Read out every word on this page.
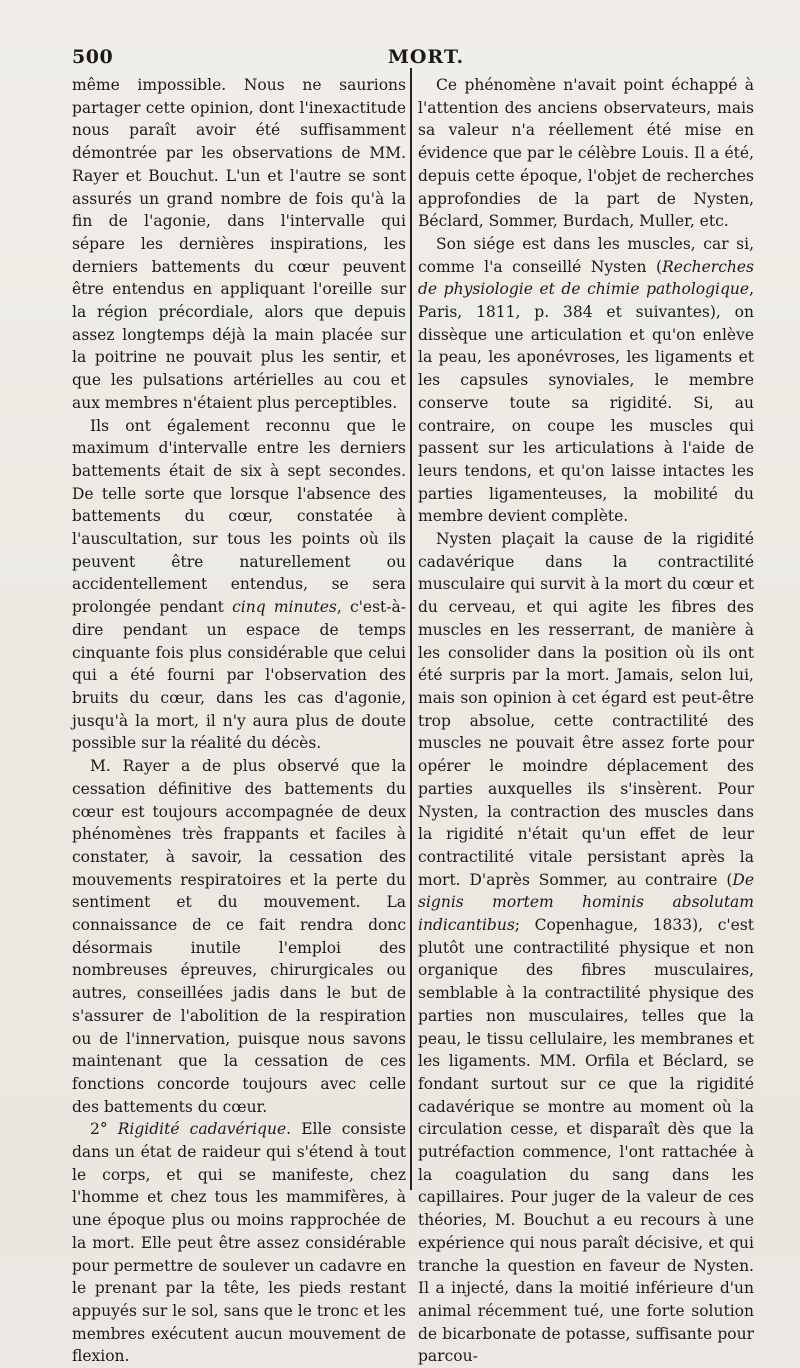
500	MORT.

même impossible. Nous ne saurions partager cette opinion, dont l'inexactitude nous paraît avoir été suffisamment démontrée par les observations de MM. Rayer et Bouchut. L'un et l'autre se sont assurés un grand nombre de fois qu'à la fin de l'agonie, dans l'intervalle qui sépare les dernières inspirations, les derniers battements du cœur peuvent être entendus en appliquant l'oreille sur la région précordiale, alors que depuis assez longtemps déjà la main placée sur la poitrine ne pouvait plus les sentir, et que les pulsations artérielles au cou et aux membres n'étaient plus perceptibles.

Ils ont également reconnu que le maximum d'intervalle entre les derniers battements était de six à sept secondes. De telle sorte que lorsque l'absence des battements du cœur, constatée à l'auscultation, sur tous les points où ils peuvent être naturellement ou accidentellement entendus, se sera prolongée pendant cinq minutes, c'est-à-dire pendant un espace de temps cinquante fois plus considérable que celui qui a été fourni par l'observation des bruits du cœur, dans les cas d'agonie, jusqu'à la mort, il n'y aura plus de doute possible sur la réalité du décès.

M. Rayer a de plus observé que la cessation définitive des battements du cœur est toujours accompagnée de deux phénomènes très frappants et faciles à constater, à savoir, la cessation des mouvements respiratoires et la perte du sentiment et du mouvement. La connaissance de ce fait rendra donc désormais inutile l'emploi des nombreuses épreuves, chirurgicales ou autres, conseillées jadis dans le but de s'assurer de l'abolition de la respiration ou de l'innervation, puisque nous savons maintenant que la cessation de ces fonctions concorde toujours avec celle des battements du cœur.

2° Rigidité cadavérique. Elle consiste dans un état de raideur qui s'étend à tout le corps, et qui se manifeste, chez l'homme et chez tous les mammifères, à une époque plus ou moins rapprochée de la mort. Elle peut être assez considérable pour permettre de soulever un cadavre en le prenant par la tête, les pieds restant appuyés sur le sol, sans que le tronc et les membres exécutent aucun mouvement de flexion.

Ce phénomène n'avait point échappé à l'attention des anciens observateurs, mais sa valeur n'a réellement été mise en évidence que par le célèbre Louis. Il a été, depuis cette époque, l'objet de recherches approfondies de la part de Nysten, Béclard, Sommer, Burdach, Muller, etc.

Son siége est dans les muscles, car si, comme l'a conseillé Nysten (Recherches de physiologie et de chimie pathologique, Paris, 1811, p. 384 et suivantes), on dissèque une articulation et qu'on enlève la peau, les aponévroses, les ligaments et les capsules synoviales, le membre conserve toute sa rigidité. Si, au contraire, on coupe les muscles qui passent sur les articulations à l'aide de leurs tendons, et qu'on laisse intactes les parties ligamenteuses, la mobilité du membre devient complète.

Nysten plaçait la cause de la rigidité cadavérique dans la contractilité musculaire qui survit à la mort du cœur et du cerveau, et qui agite les fibres des muscles en les resserrant, de manière à les consolider dans la position où ils ont été surpris par la mort. Jamais, selon lui, mais son opinion à cet égard est peut-être trop absolue, cette contractilité des muscles ne pouvait être assez forte pour opérer le moindre déplacement des parties auxquelles ils s'insèrent. Pour Nysten, la contraction des muscles dans la rigidité n'était qu'un effet de leur contractilité vitale persistant après la mort. D'après Sommer, au contraire (De signis mortem hominis absolutam indicantibus; Copenhague, 1833), c'est plutôt une contractilité physique et non organique des fibres musculaires, semblable à la contractilité physique des parties non musculaires, telles que la peau, le tissu cellulaire, les membranes et les ligaments. MM. Orfila et Béclard, se fondant surtout sur ce que la rigidité cadavérique se montre au moment où la circulation cesse, et disparaît dès que la putréfaction commence, l'ont rattachée à la coagulation du sang dans les capillaires. Pour juger de la valeur de ces théories, M. Bouchut a eu recours à une expérience qui nous paraît décisive, et qui tranche la question en faveur de Nysten. Il a injecté, dans la moitié inférieure d'un animal récemment tué, une forte solution de bicarbonate de potasse, suffisante pour parcou-
